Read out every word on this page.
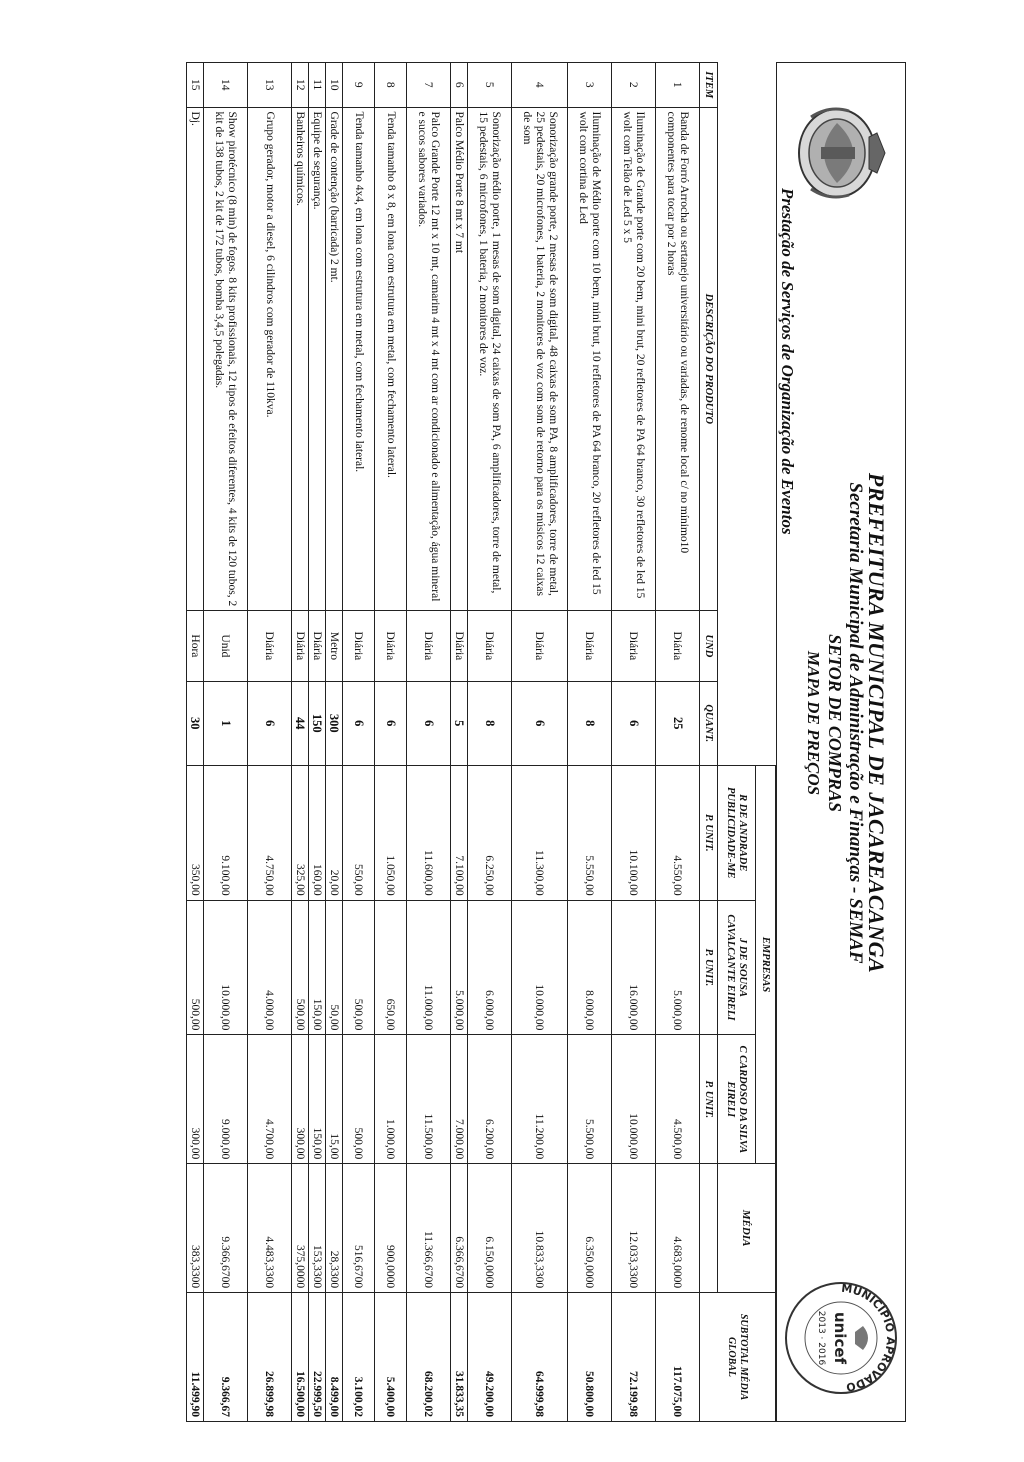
MUNICÍPIO APROVADO
unicef
2013 · 2016
PREFEITURA MUNICIPAL DE JACAREACANGA
Secretaria Municipal de Administração e Finanças - SEMAF
SETOR DE COMPRAS
MAPA DE PREÇOS
Prestação de Serviços de Organização de Eventos
				EMPRESAS			MÉDIA	SUBTOTAL MÉDIA GLOBAL
				R DE ANDRADE PUBLICIDADE-ME	J DE SOUSA CAVALCANTE EIRELI	C CARDOSO DA SILVA EIRELI		
ITEM	DESCRIÇÃO DO PRODUTO	UND	QUANT.	P. UNIT.	P. UNIT.	P. UNIT.		
1	Banda de Forró Arrocha ou sertanejo universitário ou variadas, de renome local c/ no mínimo10 componentes para tocar por 2 horas	Diária	25	4.550,00	5.000,00	4.500,00	4.683,0000	117.075,00
2	Iluminação de Grande porte com 20 bem, mini brut, 20 refletores de PA 64 branco, 30 refletores de led 15 wolt com Telão de Led 5 x 5	Diária	6	10.100,00	16.000,00	10.000,00	12.033,3300	72.199,98
3	Iluminação de Médio porte com 10 bem, mini brut, 10 refletores de PA 64 branco, 20 refletores de led 15 wolt com cortina de Led	Diária	8	5.550,00	8.000,00	5.500,00	6.350,0000	50.800,00
4	Sonorização grande porte, 2 mesas de som digital, 48 caixas de som PA, 8 amplificadores, torre de metal, 25 pedestais, 20 microfones, 1 bateria, 2 monitores de voz com som de retorno para os músicos 12 caixas de som	Diária	6	11.300,00	10.000,00	11.200,00	10.833,3300	64.999,98
5	Sonorização médio porte, 1 mesas de som digital, 24 caixas de som PA, 6 amplificadores, torre de metal, 15 pedestais, 6 microfones, 1 bateria, 2 monitores de voz.	Diária	8	6.250,00	6.000,00	6.200,00	6.150,0000	49.200,00
6	Palco Médio Porte 8 mt x 7 mt	Diária	5	7.100,00	5.000,00	7.000,00	6.366,6700	31.833,35
7	Palco Grande Porte 12 mt x 10 mt, camarim 4 mt x 4 mt com ar condicionado e alimentação, água mineral e sucos sabores variados.	Diária	6	11.600,00	11.000,00	11.500,00	11.366,6700	68.200,02
8	Tenda tamanho 8 x 8, em lona com estrutura em metal, com fechamento lateral.	Diária	6	1.050,00	650,00	1.000,00	900,0000	5.400,00
9	Tenda tamanho 4x4, em lona com estrutura em metal, com fechamento lateral.	Diária	6	550,00	500,00	500,00	516,6700	3.100,02
10	Grade de contenção (barricada) 2 mt.	Metro	300	20,00	50,00	15,00	28,3300	8.499,00
11	Equipe de segurança.	Diária	150	160,00	150,00	150,00	153,3300	22.999,50
12	Banheiros químicos.	Diária	44	325,00	500,00	300,00	375,0000	16.500,00
13	Grupo gerador, motor a diesel, 6 cilindros com gerador de 110kva.	Diária	6	4.750,00	4.000,00	4.700,00	4.483,3300	26.899,98
14	Show pirotécnico (8 min) de fogos. 8 kits profissionais, 12 tipos de efeitos diferentes, 4 kits de 120 tubos, 2 kit de 138 tubos, 2 kit de 172 tubos, bomba 3,4,5 polegadas.	Unid	1	9.100,00	10.000,00	9.000,00	9.366,6700	9.366,67
15	Dj.	Hora	30	350,00	500,00	300,00	383,3300	11.499,90
